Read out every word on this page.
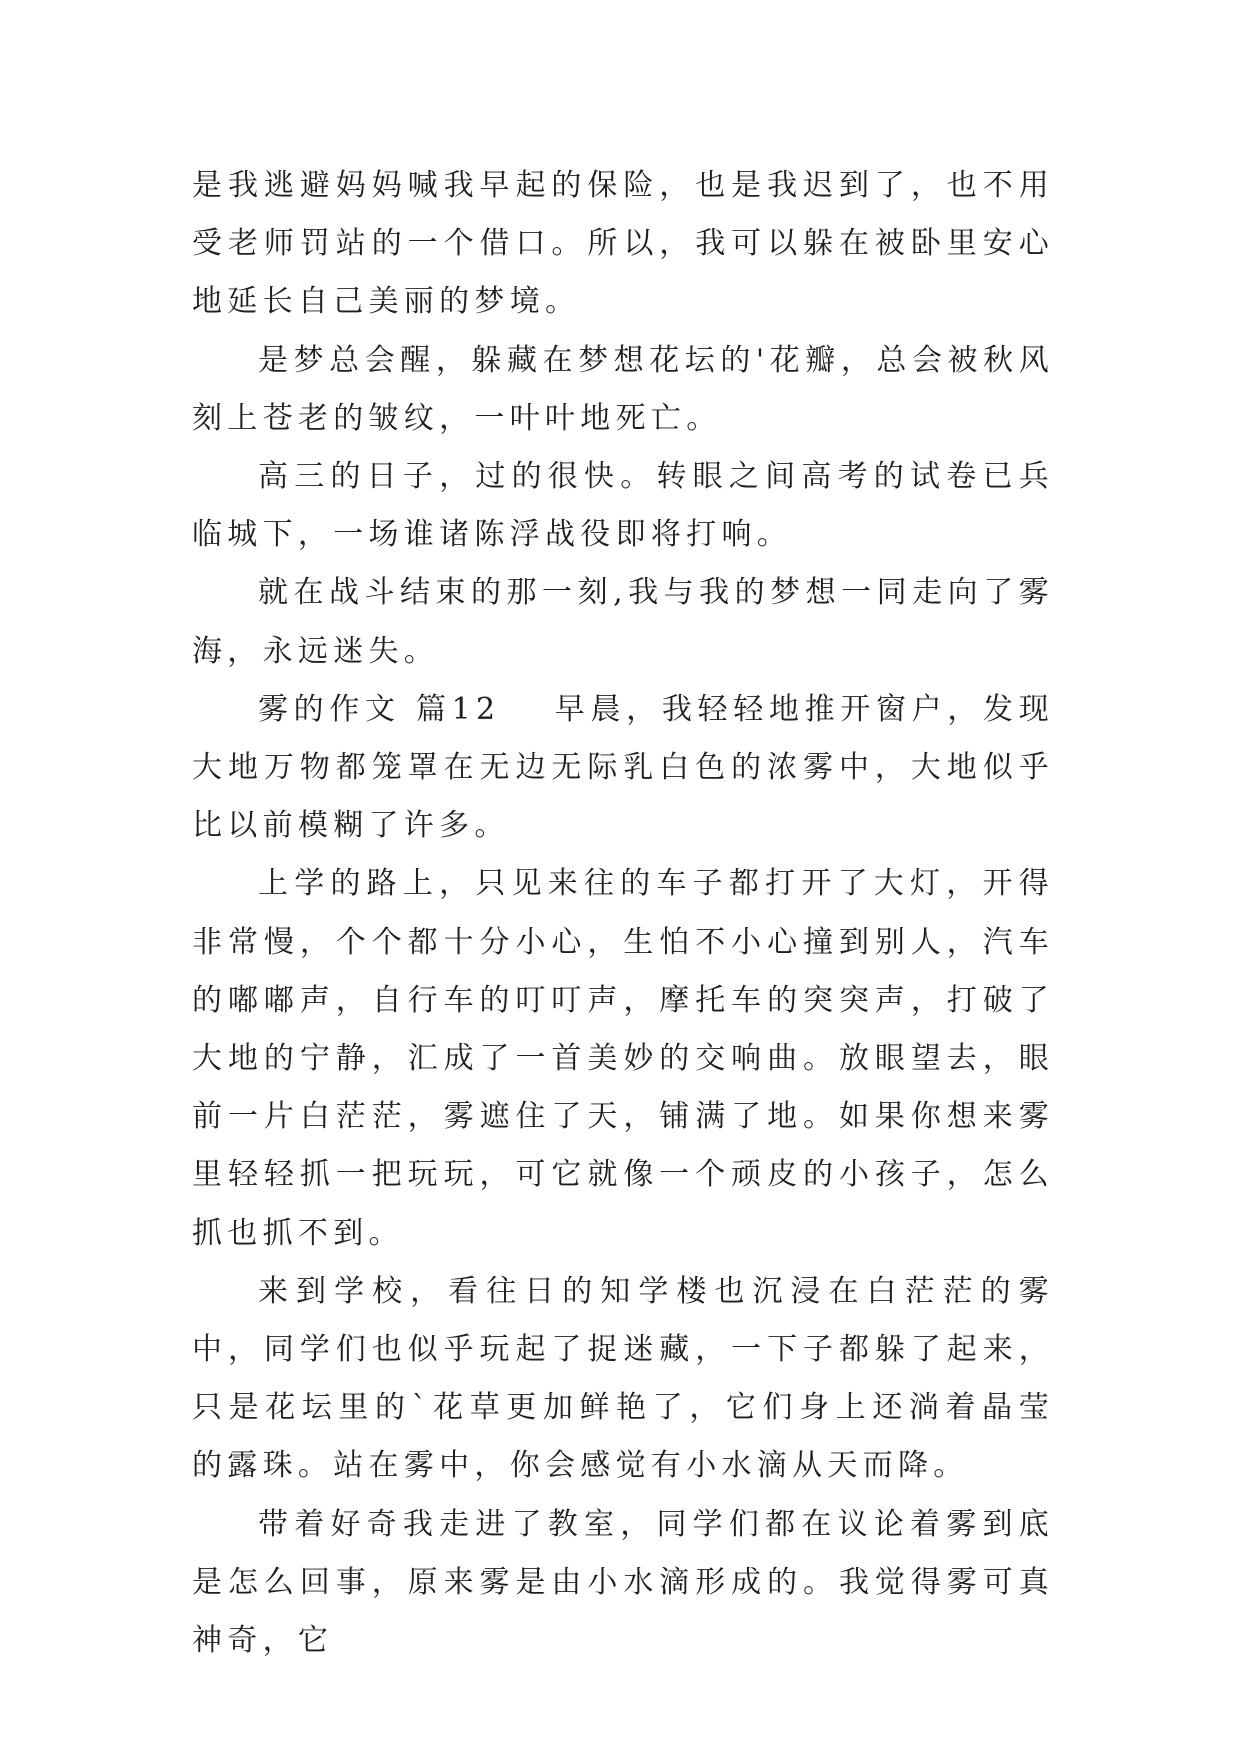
是我逃避妈妈喊我早起的保险，也是我迟到了，也不用受老师罚站的一个借口。所以，我可以躲在被卧里安心地延长自己美丽的梦境。

是梦总会醒，躲藏在梦想花坛的'花瓣，总会被秋风刻上苍老的皱纹，一叶叶地死亡。

高三的日子，过的很快。转眼之间高考的试卷已兵临城下，一场谁诸陈浮战役即将打响。

就在战斗结束的那一刻,我与我的梦想一同走向了雾海，永远迷失。

雾的作文 篇12 早晨，我轻轻地推开窗户，发现大地万物都笼罩在无边无际乳白色的浓雾中，大地似乎比以前模糊了许多。

上学的路上，只见来往的车子都打开了大灯，开得非常慢，个个都十分小心，生怕不小心撞到别人，汽车的嘟嘟声，自行车的叮叮声，摩托车的突突声，打破了大地的宁静，汇成了一首美妙的交响曲。放眼望去，眼前一片白茫茫，雾遮住了天，铺满了地。如果你想来雾里轻轻抓一把玩玩，可它就像一个顽皮的小孩子，怎么抓也抓不到。

来到学校，看往日的知学楼也沉浸在白茫茫的雾中，同学们也似乎玩起了捉迷藏，一下子都躲了起来，只是花坛里的`花草更加鲜艳了，它们身上还淌着晶莹的露珠。站在雾中，你会感觉有小水滴从天而降。

带着好奇我走进了教室，同学们都在议论着雾到底是怎么回事，原来雾是由小水滴形成的。我觉得雾可真神奇，它
